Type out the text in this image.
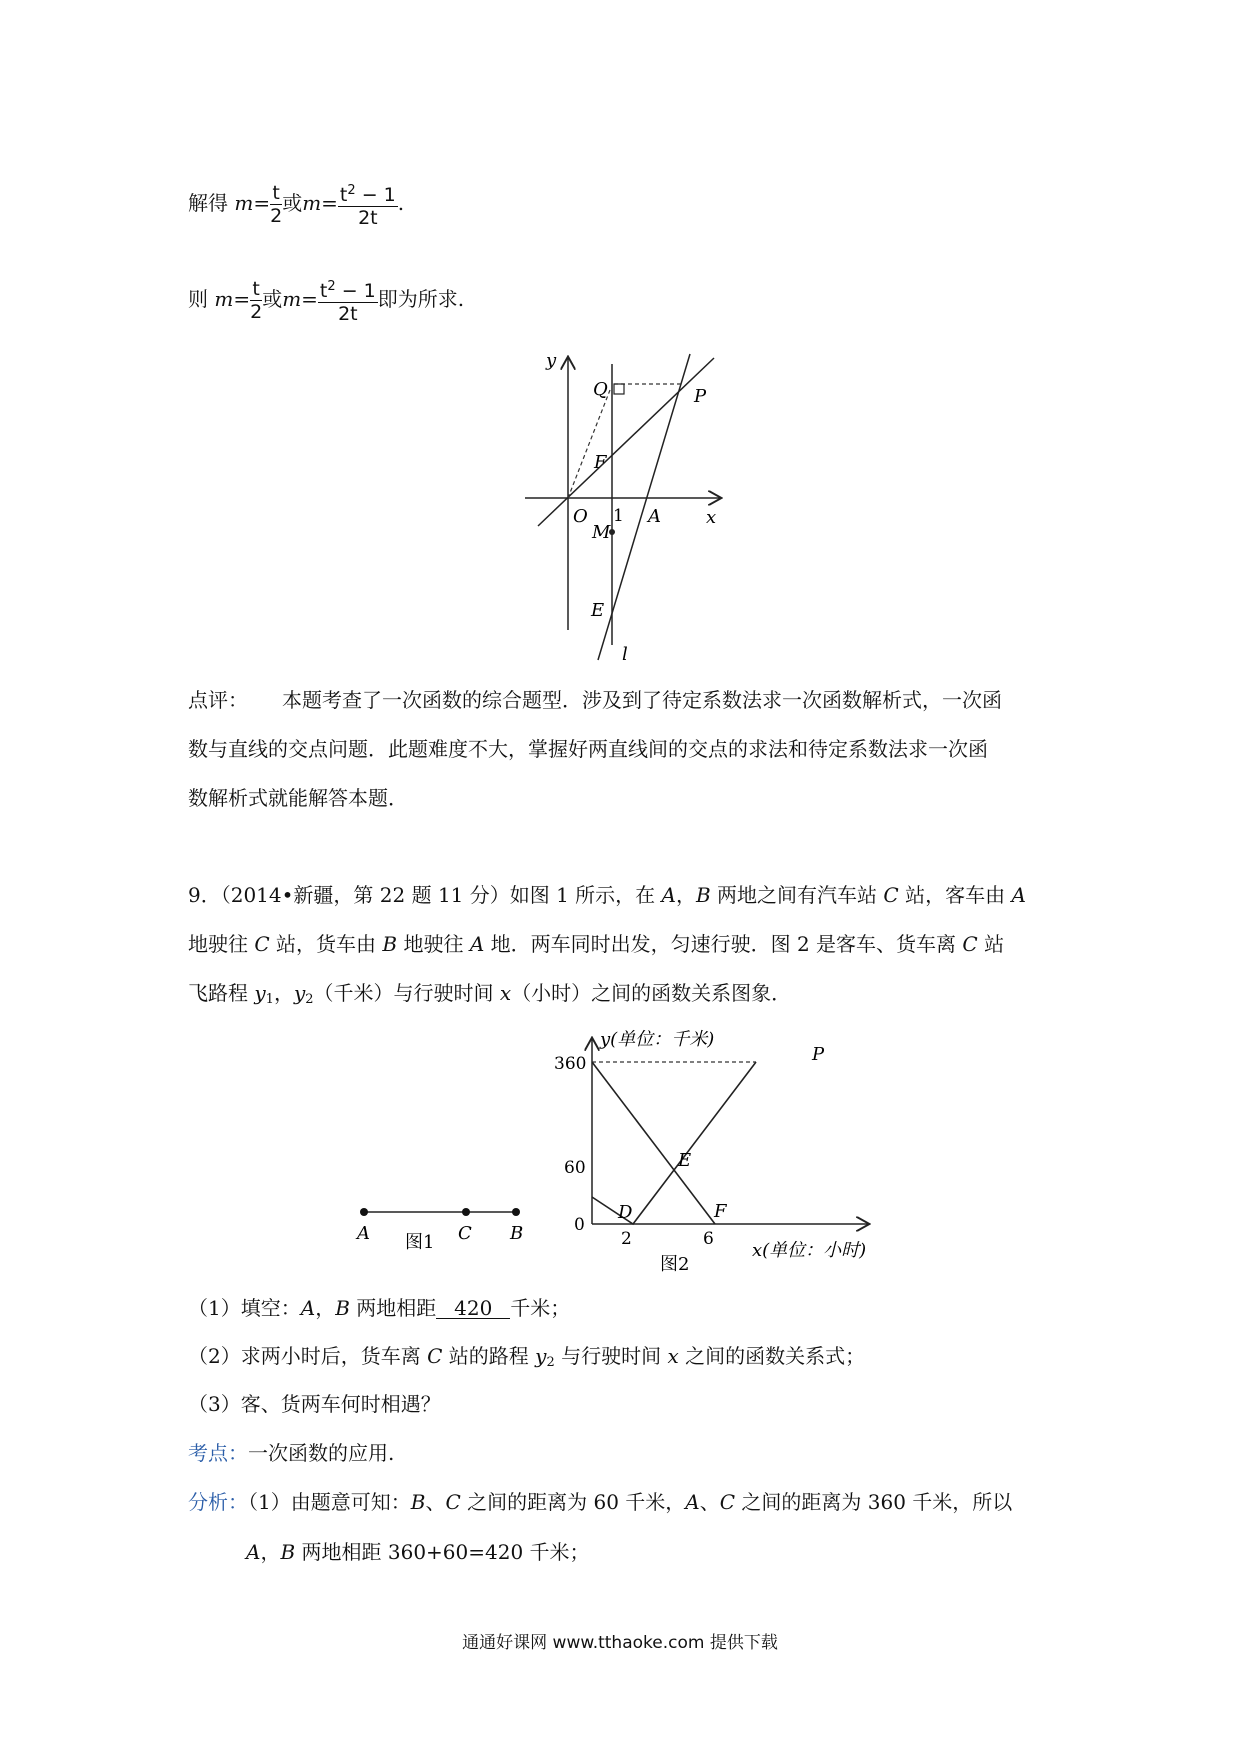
解得 $m= \frac{t}{2}$ 或$m= \frac{t^2 - 1}{2t}$ .
则 $m= \frac{t}{2}$ 或$m= \frac{t^2 - 1}{2t}$ 即为所求.
y
x
Q	P
F
O 1 A
M
E
l
点评： 本题考查了一次函数的综合题型．涉及到了待定系数法求一次函数解析式，一次函
数与直线的交点问题．此题难度不大，掌握好两直线间的交点的求法和待定系数法求一次函
数解析式就能解答本题．
9．（2014•新疆，第 22 题 11 分）如图 1 所示，在 A，B 两地之间有汽车站 C 站，客车由 A
地驶往 C 站，货车由 B 地驶往 A 地．两车同时出发，匀速行驶．图 2 是客车、货车离 C 站
飞路程 $y_1$，$y_2$（千米）与行驶时间 x（小时）之间的函数关系图象．
A	C B
图1
y(单位：千米)
x(单位：小时)
360
60
0
2	6
D
E
F
P
图2
（1）填空：A，B 两地相距 420 千米；
（2）求两小时后，货车离 C 站的路程 $y_2$ 与行驶时间 x 之间的函数关系式；
（3）客、货两车何时相遇？
考点：一次函数的应用.
分析：（1）由题意可知：B、C 之间的距离为 60 千米，A、C 之间的距离为 360 千米，所以
A，B 两地相距 360+60=420 千米；
通通好课网 www.tthaoke.com 提供下载
